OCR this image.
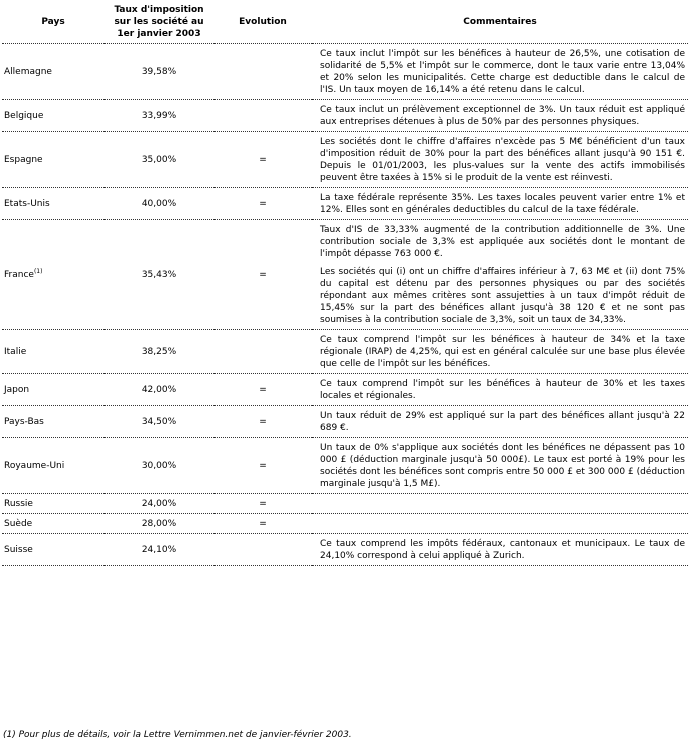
Pays	Taux d'imposition sur les société au 1er janvier 2003	Evolution	Commentaires
Allemagne	39,58%		Ce taux inclut l'impôt sur les bénéfices à hauteur de 26,5%, une cotisation de solidarité de 5,5% et l'impôt sur le commerce, dont le taux varie entre 13,04% et 20% selon les municipalités. Cette charge est deductible dans le calcul de l'IS. Un taux moyen de 16,14% a été retenu dans le calcul.

Belgique	33,99%		Ce taux inclut un prélèvement exceptionnel de 3%. Un taux réduit est appliqué aux entreprises détenues à plus de 50% par des personnes physiques.

Espagne	35,00%	=	Les sociétés dont le chiffre d'affaires n'excède pas 5 M€ bénéficient d'un taux d'imposition réduit de 30% pour la part des bénéfices allant jusqu'à 90 151 €. Depuis le 01/01/2003, les plus-values sur la vente des actifs immobilisés peuvent être taxées à 15% si le produit de la vente est réinvesti.

Etats-Unis	40,00%	=	La taxe fédérale représente 35%. Les taxes locales peuvent varier entre 1% et 12%. Elles sont en générales deductibles du calcul de la taxe fédérale.

France$^{(1)}$	35,43%	=	Taux d'IS de 33,33% augmenté de la contribution additionnelle de 3%. Une contribution sociale de 3,3% est appliquée aux sociétés dont le montant de l'impôt dépasse 763 000 €.

Les sociétés qui (i) ont un chiffre d'affaires inférieur à 7, 63 M€ et (ii) dont 75% du capital est détenu par des personnes physiques ou par des sociétés répondant aux mêmes critères sont assujetties à un taux d'impôt réduit de 15,45% sur la part des bénéfices allant jusqu'à 38 120 € et ne sont pas soumises à la contribution sociale de 3,3%, soit un taux de 34,33%.

Italie	38,25%		Ce taux comprend l'impôt sur les bénéfices à hauteur de 34% et la taxe régionale (IRAP) de 4,25%, qui est en général calculée sur une base plus élevée que celle de l'impôt sur les bénéfices.

Japon	42,00%	=	Ce taux comprend l'impôt sur les bénéfices à hauteur de 30% et les taxes locales et régionales.

Pays-Bas	34,50%	=	Un taux réduit de 29% est appliqué sur la part des bénéfices allant jusqu'à 22 689 €.

Royaume-Uni	30,00%	=	Un taux de 0% s'applique aux sociétés dont les bénéfices ne dépassent pas 10 000 £ (déduction marginale jusqu'à 50 000£). Le taux est porté à 19% pour les sociétés dont les bénéfices sont compris entre 50 000 £ et 300 000 £ (déduction marginale jusqu'à 1,5 M£).

Russie	24,00%	=	
Suède	28,00%	=	
Suisse	24,10%		Ce taux comprend les impôts fédéraux, cantonaux et municipaux. Le taux de 24,10% correspond à celui appliqué à Zurich.

(1) Pour plus de détails, voir la Lettre Vernimmen.net de janvier-février 2003.
